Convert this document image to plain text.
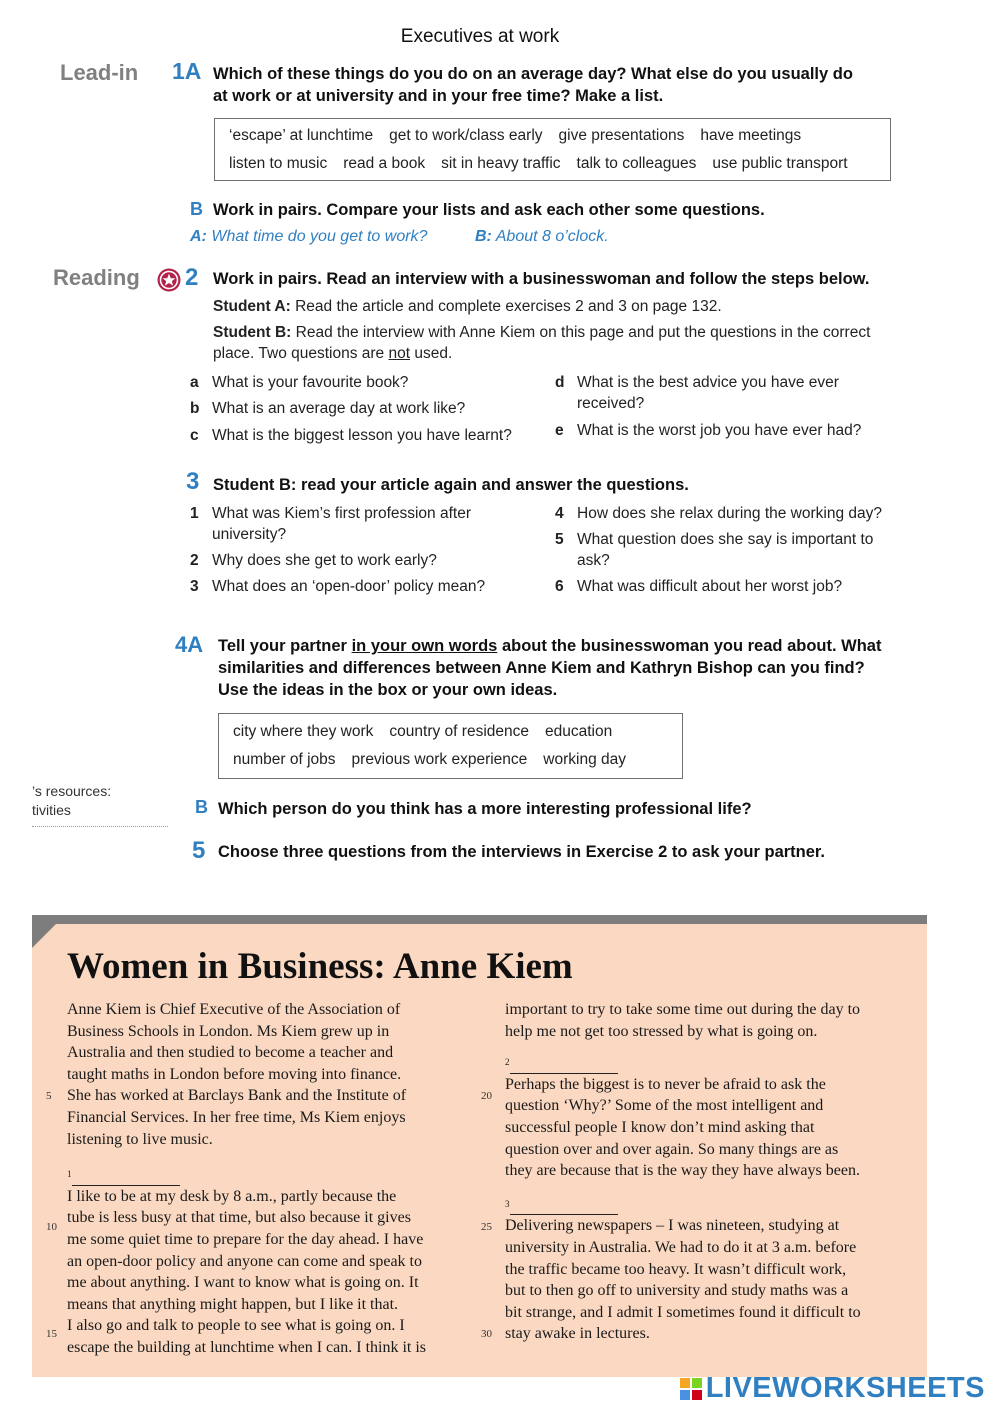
Executives at work
Lead-in 1A Which of these things do you do on an average day? What else do you usually do at work or at university and in your free time? Make a list.
‘escape’ at lunchtime get to work/class early give presentations have meetings
listen to music read a book sit in heavy traffic talk to colleagues use public transport
B Work in pairs. Compare your lists and ask each other some questions.
A: What time do you get to work?	B: About 8 o’clock.
Reading 2 Work in pairs. Read an interview with a businesswoman and follow the steps below.
Student A: Read the article and complete exercises 2 and 3 on page 132.
Student B: Read the interview with Anne Kiem on this page and put the questions in the correct place. Two questions are not used.
a What is your favourite book?
b What is an average day at work like?
c What is the biggest lesson you have learnt?
d What is the best advice you have ever received?
e What is the worst job you have ever had?
3 Student B: read your article again and answer the questions.
1 What was Kiem’s first profession after university?
2 Why does she get to work early?
3 What does an ‘open-door’ policy mean?
4 How does she relax during the working day?
5 What question does she say is important to ask?
6 What was difficult about her worst job?
4A Tell your partner in your own words about the businesswoman you read about. What similarities and differences between Anne Kiem and Kathryn Bishop can you find? Use the ideas in the box or your own ideas.
city where they work country of residence education
number of jobs previous work experience working day
’s resources:
tivities	B Which person do you think has a more interesting professional life?
5 Choose three questions from the interviews in Exercise 2 to ask your partner.
Women in Business: Anne Kiem

Anne Kiem is Chief Executive of the Association of

Business Schools in London. Ms Kiem grew up in

Australia and then studied to become a teacher and

taught maths in London before moving into finance.

She has worked at Barclays Bank and the Institute of

Financial Services. In her free time, Ms Kiem enjoys

listening to live music.

$^1$

I like to be at my desk by 8 a.m., partly because the

tube is less busy at that time, but also because it gives

me some quiet time to prepare for the day ahead. I have

an open-door policy and anyone can come and speak to

me about anything. I want to know what is going on. It

means that anything might happen, but I like it that.

I also go and talk to people to see what is going on. I

escape the building at lunchtime when I can. I think it is

important to try to take some time out during the day to

help me not get too stressed by what is going on.

$^2$

Perhaps the biggest is to never be afraid to ask the

question ‘Why?’ Some of the most intelligent and

successful people I know don’t mind asking that

question over and over again. So many things are as

they are because that is the way they have always been.

$^3$

Delivering newspapers – I was nineteen, studying at

university in Australia. We had to do it at 3 a.m. before

the traffic became too heavy. It wasn’t difficult work,

but to then go off to university and study maths was a

bit strange, and I admit I sometimes found it difficult to

stay awake in lectures.

5
10
15
20
25
30
LIVEWORKSHEETS
